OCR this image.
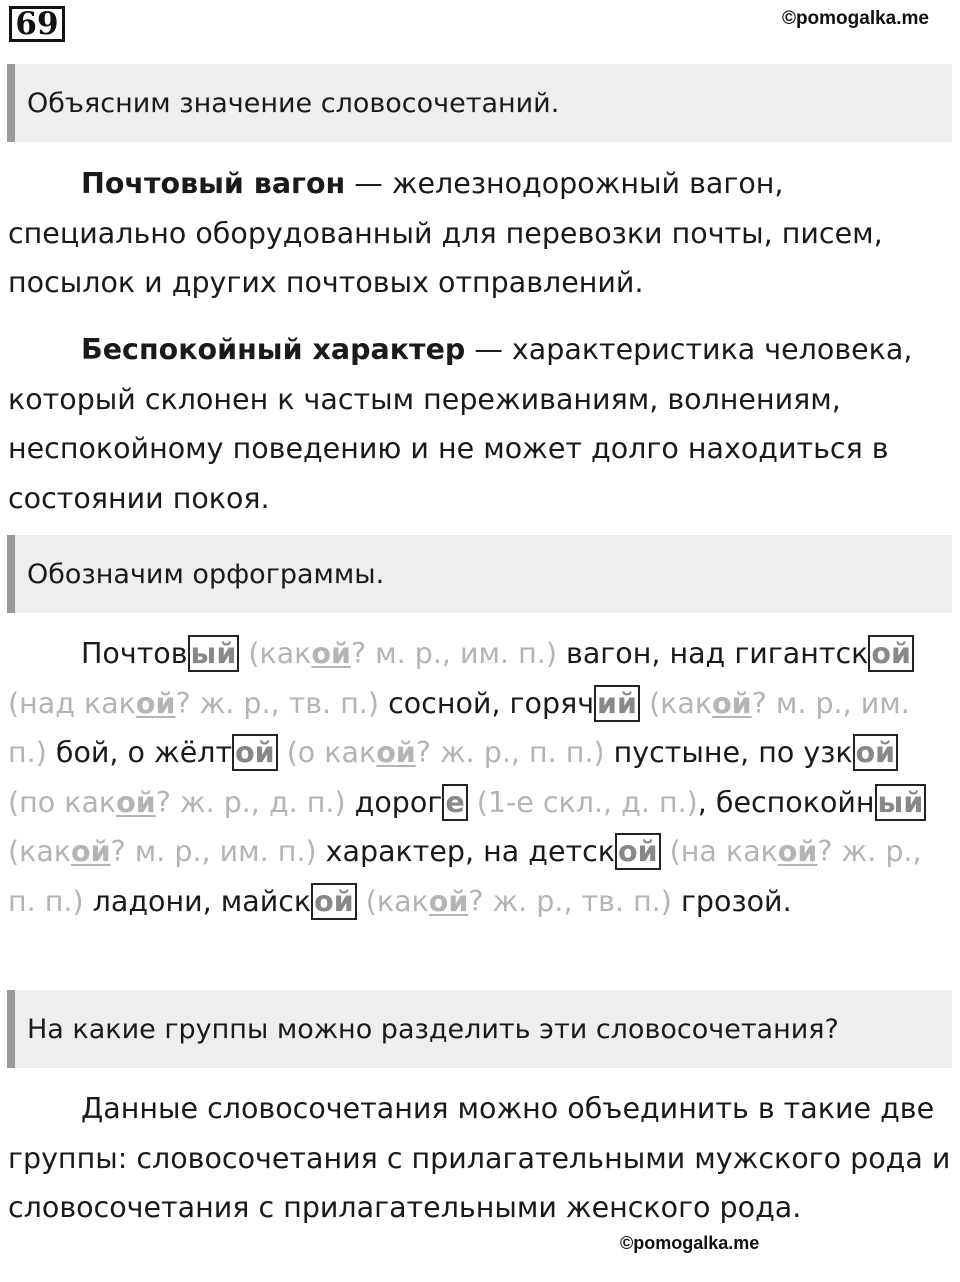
69	©pomogalka.me
Объясним значение словосочетаний.
Почтовый вагон — железнодорожный вагон, специально оборудованный для перевозки почты, писем, посылок и других почтовых отправлений.
Беспокойный характер — характеристика человека, который склонен к частым переживаниям, волнениям, неспокойному поведению и не может долго находиться в состоянии покоя.
Обозначим орфограммы.
Почтов ый (какой? м. р., им. п.) вагон, над гигантск ой (над какой? ж. р., тв. п.) сосной, горяч ий (какой? м. р., им. п.) бой, о жёлт ой (о какой? ж. р., п. п.) пустыне, по узк ой (по какой? ж. р., д. п.) дорог е (1-е скл., д. п.), беспокойн ый (какой? м. р., им. п.) характер, на детск ой (на какой? ж. р., п. п.) ладони, майск ой (какой? ж. р., тв. п.) грозой.
На какие группы можно разделить эти словосочетания?
Данные словосочетания можно объединить в такие две группы: словосочетания с прилагательными мужского рода и словосочетания с прилагательными женского рода.
©pomogalka.me
